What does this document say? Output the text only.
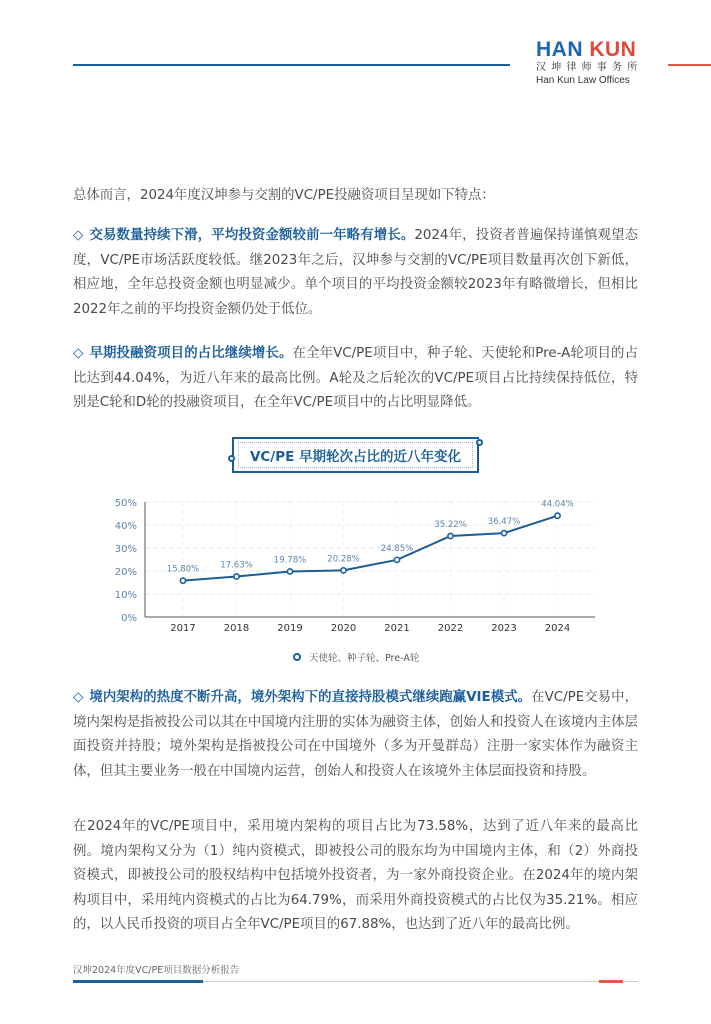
HAN KUN
汉坤律师事务所
Han Kun Law Offices
总体而言，2024年度汉坤参与交割的VC/PE投融资项目呈现如下特点：
◇ 交易数量持续下滑，平均投资金额较前一年略有增长。2024年，投资者普遍保持谨慎观望态度，VC/PE市场活跃度较低。继2023年之后，汉坤参与交割的VC/PE项目数量再次创下新低，相应地，全年总投资金额也明显减少。单个项目的平均投资金额较2023年有略微增长，但相比2022年之前的平均投资金额仍处于低位。
◇ 早期投融资项目的占比继续增长。在全年VC/PE项目中，种子轮、天使轮和Pre-A轮项目的占比达到44.04%，为近八年来的最高比例。A轮及之后轮次的VC/PE项目占比持续保持低位，特别是C轮和D轮的投融资项目，在全年VC/PE项目中的占比明显降低。
VC/PE 早期轮次占比的近八年变化
0%
10%
20%
30%
40%
50%
2017	2018	2019	2020	2021	2022	2023	2024
15.80% 17.63% 19.78% 20.28%
24.85%
35.22% 36.47%
44.04%
天使轮、种子轮、Pre-A轮
◇ 境内架构的热度不断升高，境外架构下的直接持股模式继续跑赢VIE模式。在VC/PE交易中，境内架构是指被投公司以其在中国境内注册的实体为融资主体，创始人和投资人在该境内主体层面投资并持股；境外架构是指被投公司在中国境外（多为开曼群岛）注册一家实体作为融资主体，但其主要业务一般在中国境内运营，创始人和投资人在该境外主体层面投资和持股。
在2024年的VC/PE项目中，采用境内架构的项目占比为73.58%，达到了近八年来的最高比例。境内架构又分为（1）纯内资模式，即被投公司的股东均为中国境内主体，和（2）外商投资模式，即被投公司的股权结构中包括境外投资者，为一家外商投资企业。在2024年的境内架构项目中，采用纯内资模式的占比为64.79%，而采用外商投资模式的占比仅为35.21%。相应的，以人民币投资的项目占全年VC/PE项目的67.88%，也达到了近八年的最高比例。
汉坤2024年度VC/PE项目数据分析报告
